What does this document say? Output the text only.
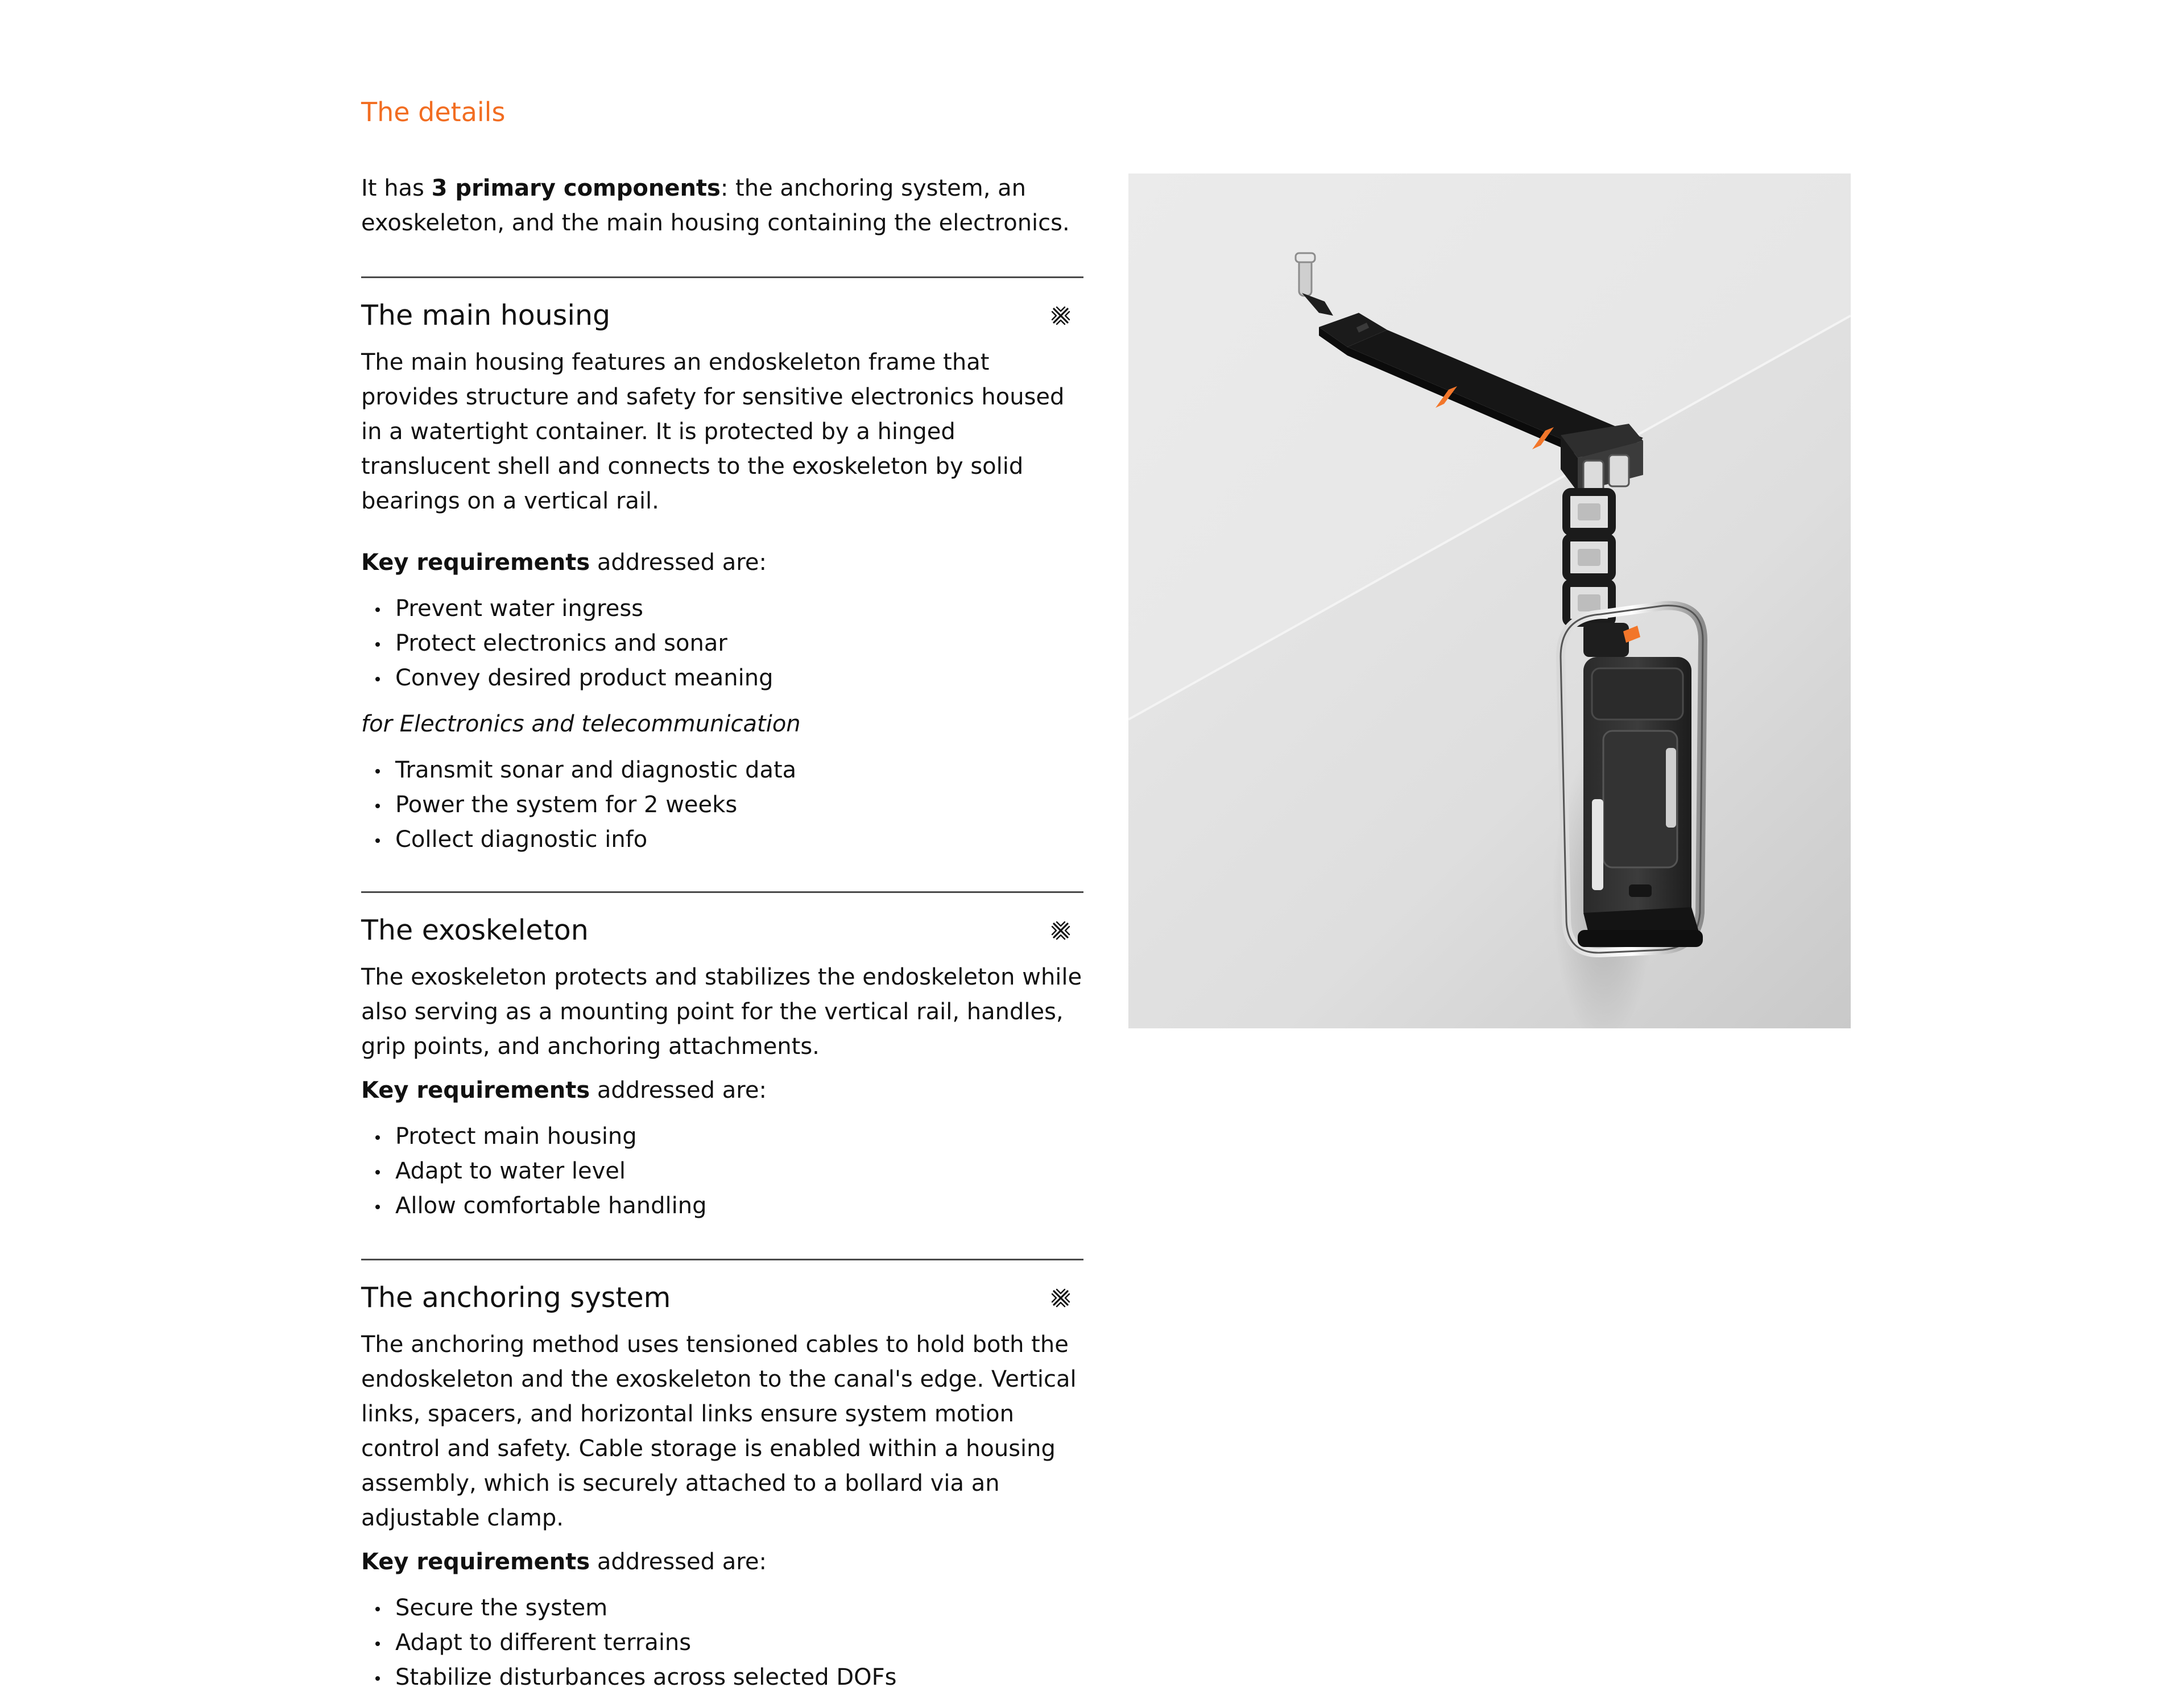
The details

It has 3 primary components: the anchoring system, an exoskeleton, and the main housing containing the electronics.

The main housing

The main housing features an endoskeleton frame that provides structure and safety for sensitive electronics housed in a watertight container. It is protected by a hinged translucent shell and connects to the exoskeleton by solid bearings on a vertical rail.

Key requirements addressed are:

Prevent water ingress
Protect electronics and sonar
Convey desired product meaning

for Electronics and telecommunication

Transmit sonar and diagnostic data
Power the system for 2 weeks
Collect diagnostic info
The exoskeleton

The exoskeleton protects and stabilizes the endoskeleton while also serving as a mounting point for the vertical rail, handles, grip points, and anchoring attachments.

Key requirements addressed are:

Protect main housing
Adapt to water level
Allow comfortable handling
The anchoring system

The anchoring method uses tensioned cables to hold both the endoskeleton and the exoskeleton to the canal's edge. Vertical links, spacers, and horizontal links ensure system motion control and safety. Cable storage is enabled within a housing assembly, which is securely attached to a bollard via an adjustable clamp.

Key requirements addressed are:

Secure the system
Adapt to different terrains
Stabilize disturbances across selected DOFs
